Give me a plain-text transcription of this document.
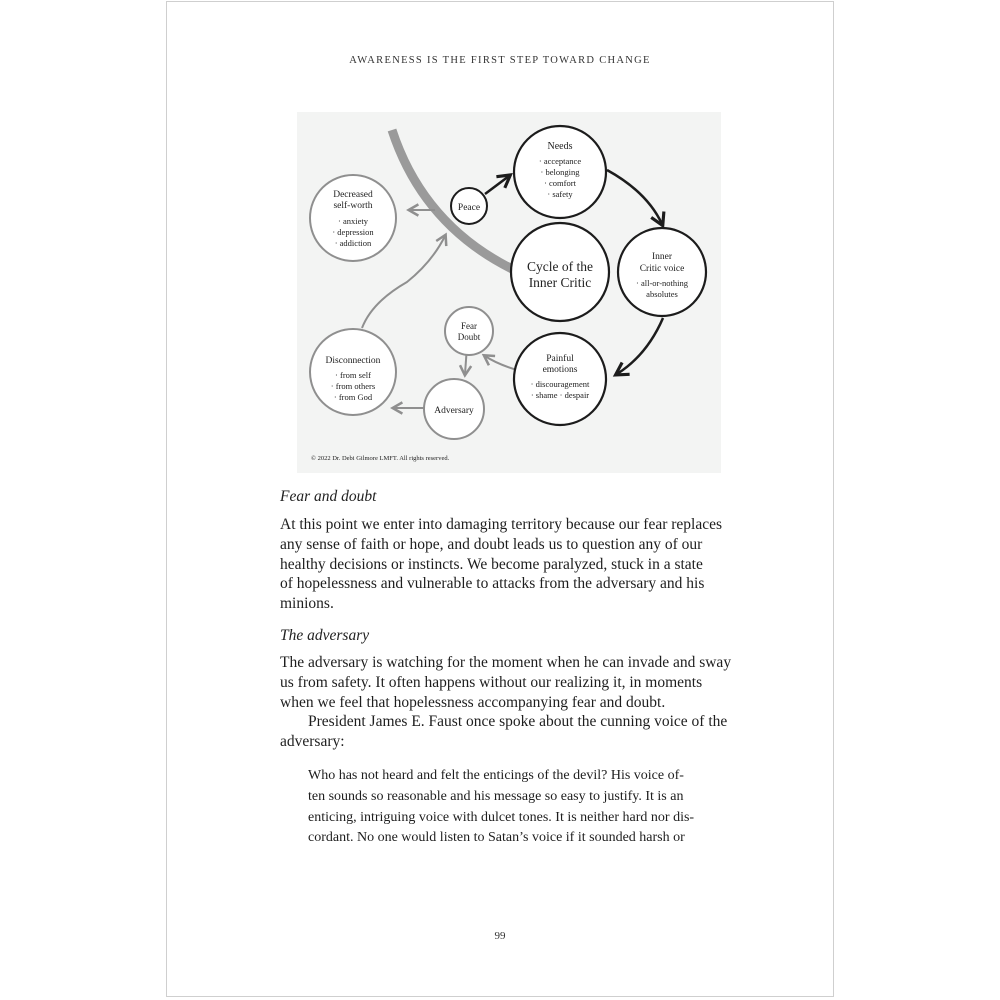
AWARENESS IS THE FIRST STEP TOWARD CHANGE
Needs
· acceptance
· belonging
· comfort
· safety
Peace
Cycle of the
Inner Critic
Inner
Critic voice
· all-or-nothing
absolutes
Painful
emotions
· discouragement
· shame · despair
Fear
Doubt
Adversary
Disconnection
· from self
· from others
· from God
Decreased
self-worth
· anxiety
· depression
· addiction
© 2022 Dr. Debi Gilmore LMFT. All rights reserved.
Fear and doubt
At this point we enter into damaging territory because our fear replaces
any sense of faith or hope, and doubt leads us to question any of our
healthy decisions or instincts. We become paralyzed, stuck in a state
of hopelessness and vulnerable to attacks from the adversary and his
minions.
The adversary
The adversary is watching for the moment when he can invade and sway
us from safety. It often happens without our realizing it, in moments
when we feel that hopelessness accompanying fear and doubt.
President James E. Faust once spoke about the cunning voice of the
adversary:
Who has not heard and felt the enticings of the devil? His voice of-
ten sounds so reasonable and his message so easy to justify. It is an
enticing, intriguing voice with dulcet tones. It is neither hard nor dis-
cordant. No one would listen to Satan’s voice if it sounded harsh or
99
